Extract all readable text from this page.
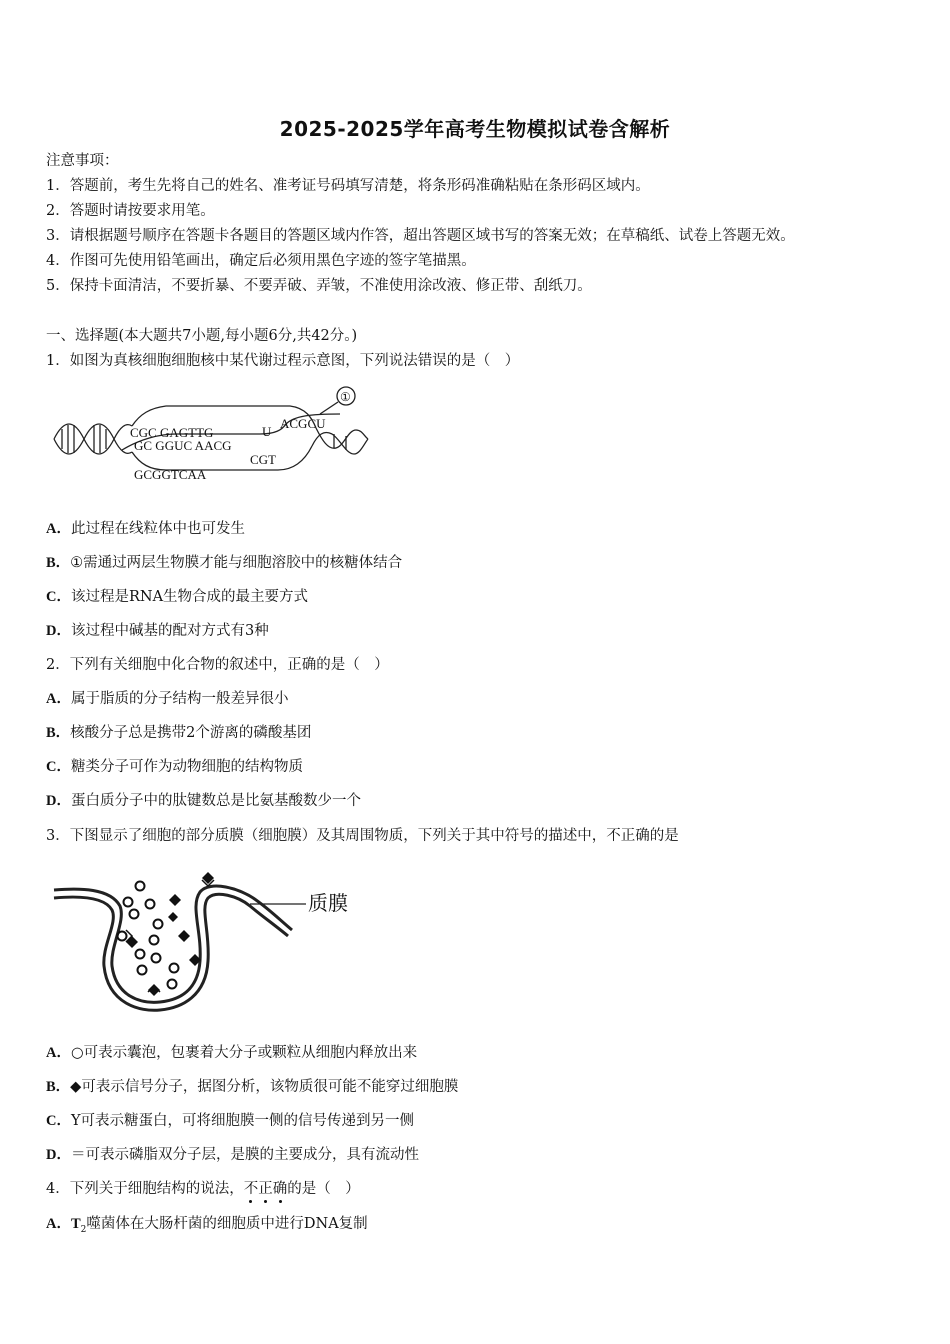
2025-2025学年高考生物模拟试卷含解析
注意事项：
1．答题前，考生先将自己的姓名、准考证号码填写清楚，将条形码准确粘贴在条形码区域内。
2．答题时请按要求用笔。
3．请根据题号顺序在答题卡各题目的答题区域内作答，超出答题区域书写的答案无效；在草稿纸、试卷上答题无效。
4．作图可先使用铅笔画出，确定后必须用黑色字迹的签字笔描黑。
5．保持卡面清洁，不要折暴、不要弄破、弄皱，不准使用涂改液、修正带、刮纸刀。
一、选择题(本大题共7小题,每小题6分,共42分。)
1．如图为真核细胞细胞核中某代谢过程示意图，下列说法错误的是（　）
CGC GAGTTG
GC GGUC AACG
U
ACGCU
GCGGTCAA
CGT
①
A．此过程在线粒体中也可发生
B．①需通过两层生物膜才能与细胞溶胶中的核糖体结合
C．该过程是RNA生物合成的最主要方式
D．该过程中碱基的配对方式有3种
2．下列有关细胞中化合物的叙述中，正确的是（　）
A．属于脂质的分子结构一般差异很小
B．核酸分子总是携带2个游离的磷酸基团
C．糖类分子可作为动物细胞的结构物质
D．蛋白质分子中的肽键数总是比氨基酸数少一个
3．下图显示了细胞的部分质膜（细胞膜）及其周围物质，下列关于其中符号的描述中，不正确的是
质膜
A．○可表示囊泡，包裹着大分子或颗粒从细胞内释放出来
B．◆可表示信号分子，据图分析，该物质很可能不能穿过细胞膜
C．Y可表示糖蛋白，可将细胞膜一侧的信号传递到另一侧
D．＝可表示磷脂双分子层，是膜的主要成分，具有流动性
4．下列关于细胞结构的说法，不正确
的是（　）
A．$T_2$噬菌体在大肠杆菌的细胞质中进行DNA复制
